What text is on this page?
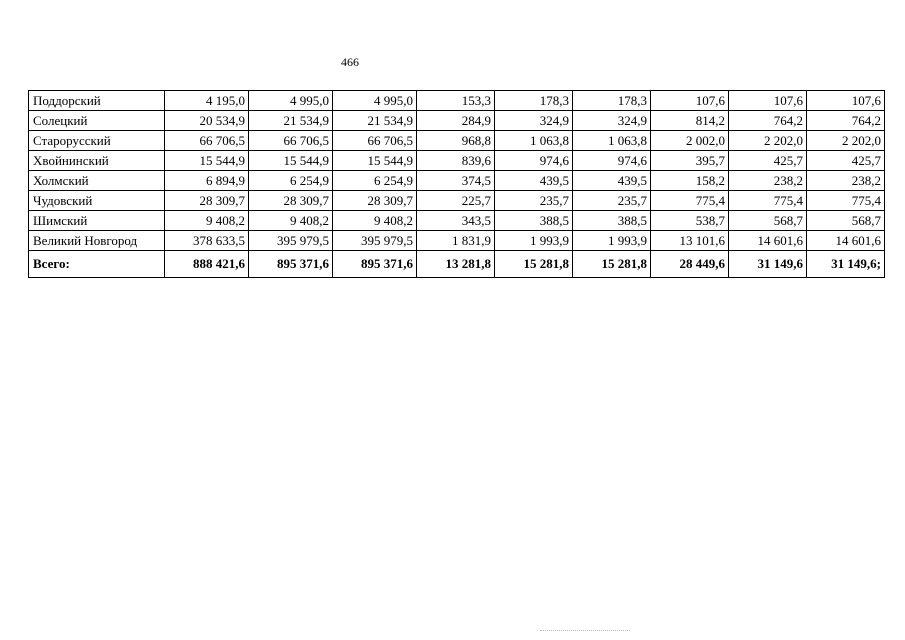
466
Поддорский	4 195,0	4 995,0	4 995,0	153,3	178,3	178,3	107,6	107,6	107,6
Солецкий	20 534,9	21 534,9	21 534,9	284,9	324,9	324,9	814,2	764,2	764,2
Старорусский	66 706,5	66 706,5	66 706,5	968,8	1 063,8	1 063,8	2 002,0	2 202,0	2 202,0
Хвойнинский	15 544,9	15 544,9	15 544,9	839,6	974,6	974,6	395,7	425,7	425,7
Холмский	6 894,9	6 254,9	6 254,9	374,5	439,5	439,5	158,2	238,2	238,2
Чудовский	28 309,7	28 309,7	28 309,7	225,7	235,7	235,7	775,4	775,4	775,4
Шимский	9 408,2	9 408,2	9 408,2	343,5	388,5	388,5	538,7	568,7	568,7
Великий Новгород	378 633,5	395 979,5	395 979,5	1 831,9	1 993,9	1 993,9	13 101,6	14 601,6	14 601,6
Всего:	888 421,6	895 371,6	895 371,6	13 281,8	15 281,8	15 281,8	28 449,6	31 149,6	31 149,6;
